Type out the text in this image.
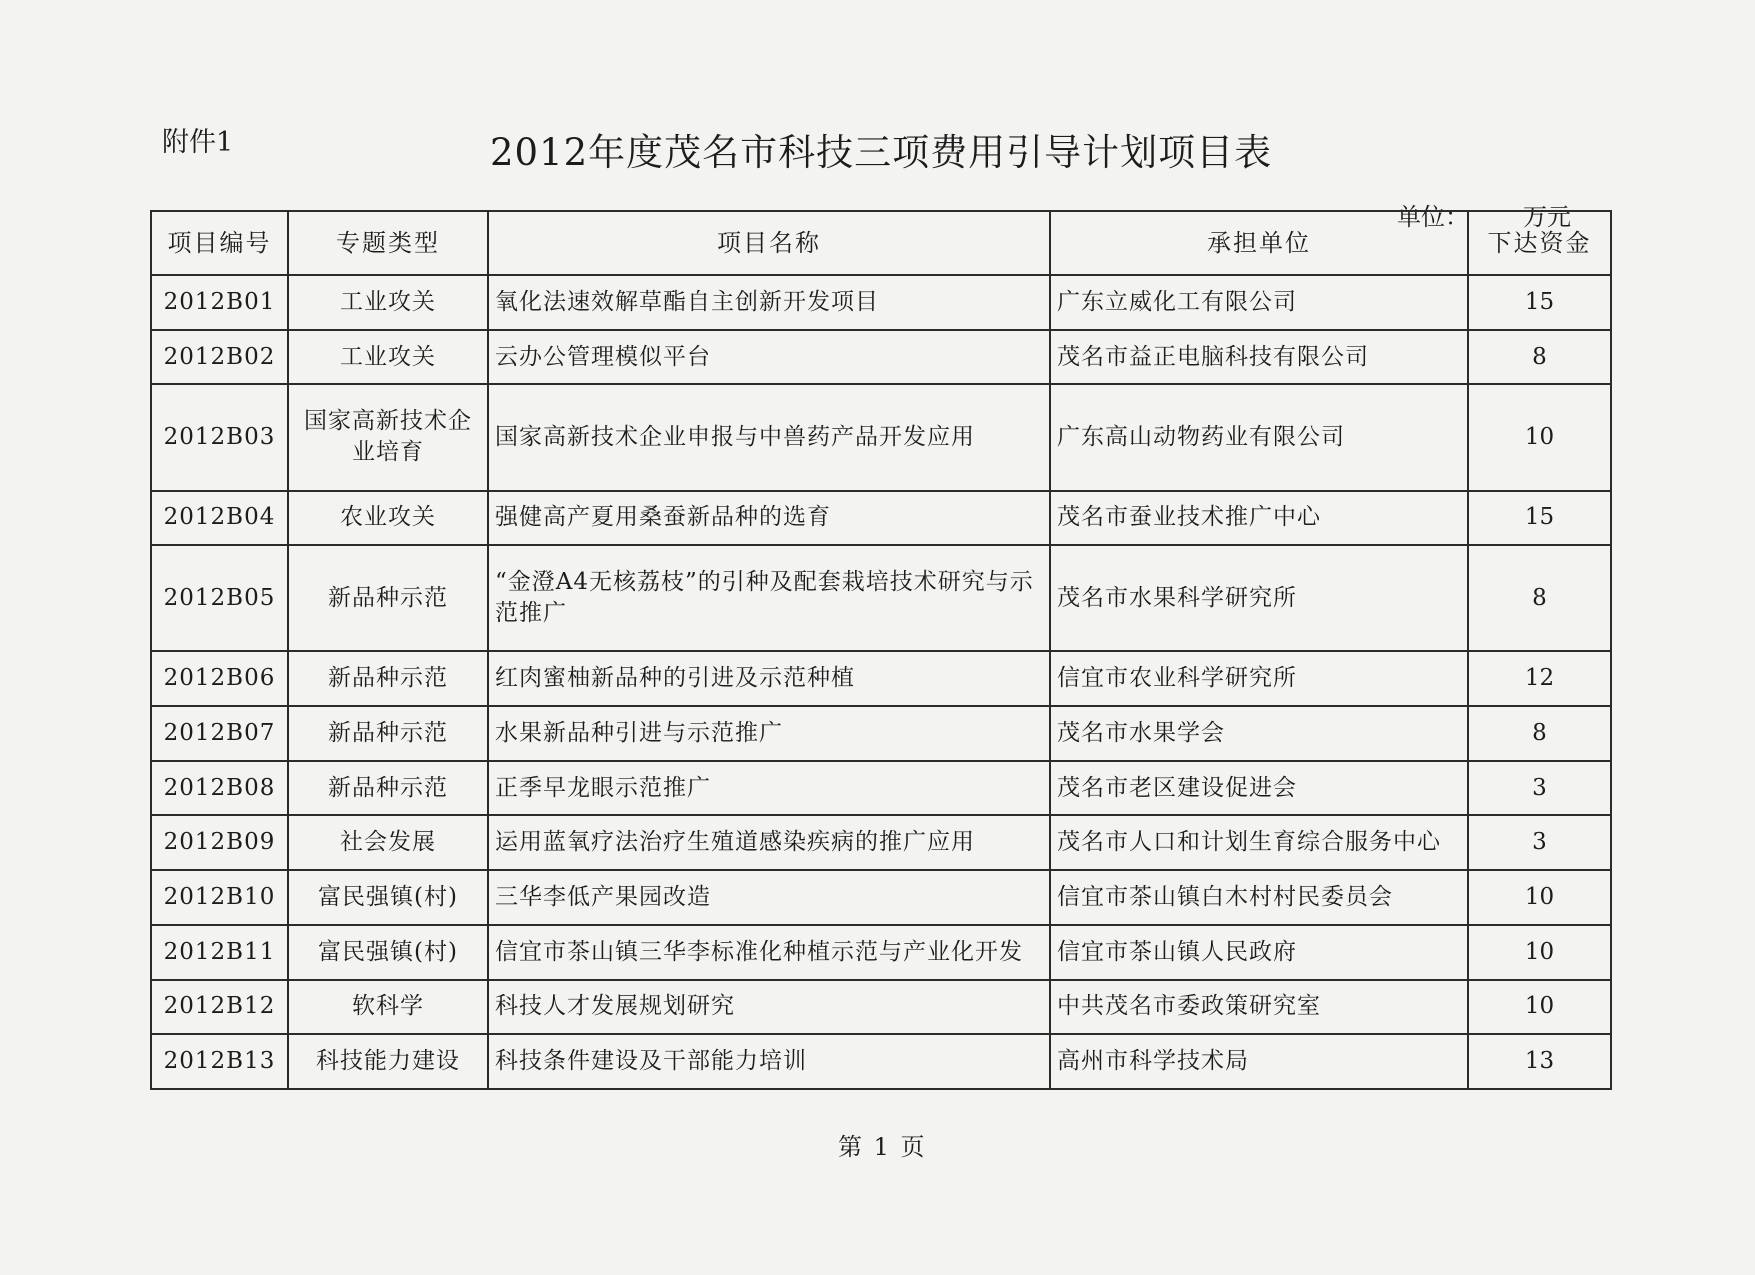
附件1	2012年度茂名市科技三项费用引导计划项目表
单位： 万元
项目编号	专题类型	项目名称	承担单位	下达资金
2012B01	工业攻关	氧化法速效解草酯自主创新开发项目	广东立威化工有限公司	15
2012B02	工业攻关	云办公管理模似平台	茂名市益正电脑科技有限公司	8
2012B03	国家高新技术企业培育	国家高新技术企业申报与中兽药产品开发应用	广东高山动物药业有限公司	10
2012B04	农业攻关	强健高产夏用桑蚕新品种的选育	茂名市蚕业技术推广中心	15
2012B05	新品种示范	“金澄A4无核荔枝”的引种及配套栽培技术研究与示范推广	茂名市水果科学研究所	8
2012B06	新品种示范	红肉蜜柚新品种的引进及示范种植	信宜市农业科学研究所	12
2012B07	新品种示范	水果新品种引进与示范推广	茂名市水果学会	8
2012B08	新品种示范	正季早龙眼示范推广	茂名市老区建设促进会	3
2012B09	社会发展	运用蓝氧疗法治疗生殖道感染疾病的推广应用	茂名市人口和计划生育综合服务中心	3
2012B10	富民强镇(村)	三华李低产果园改造	信宜市茶山镇白木村村民委员会	10
2012B11	富民强镇(村)	信宜市茶山镇三华李标准化种植示范与产业化开发	信宜市茶山镇人民政府	10
2012B12	软科学	科技人才发展规划研究	中共茂名市委政策研究室	10
2012B13	科技能力建设	科技条件建设及干部能力培训	高州市科学技术局	13
第 1 页
